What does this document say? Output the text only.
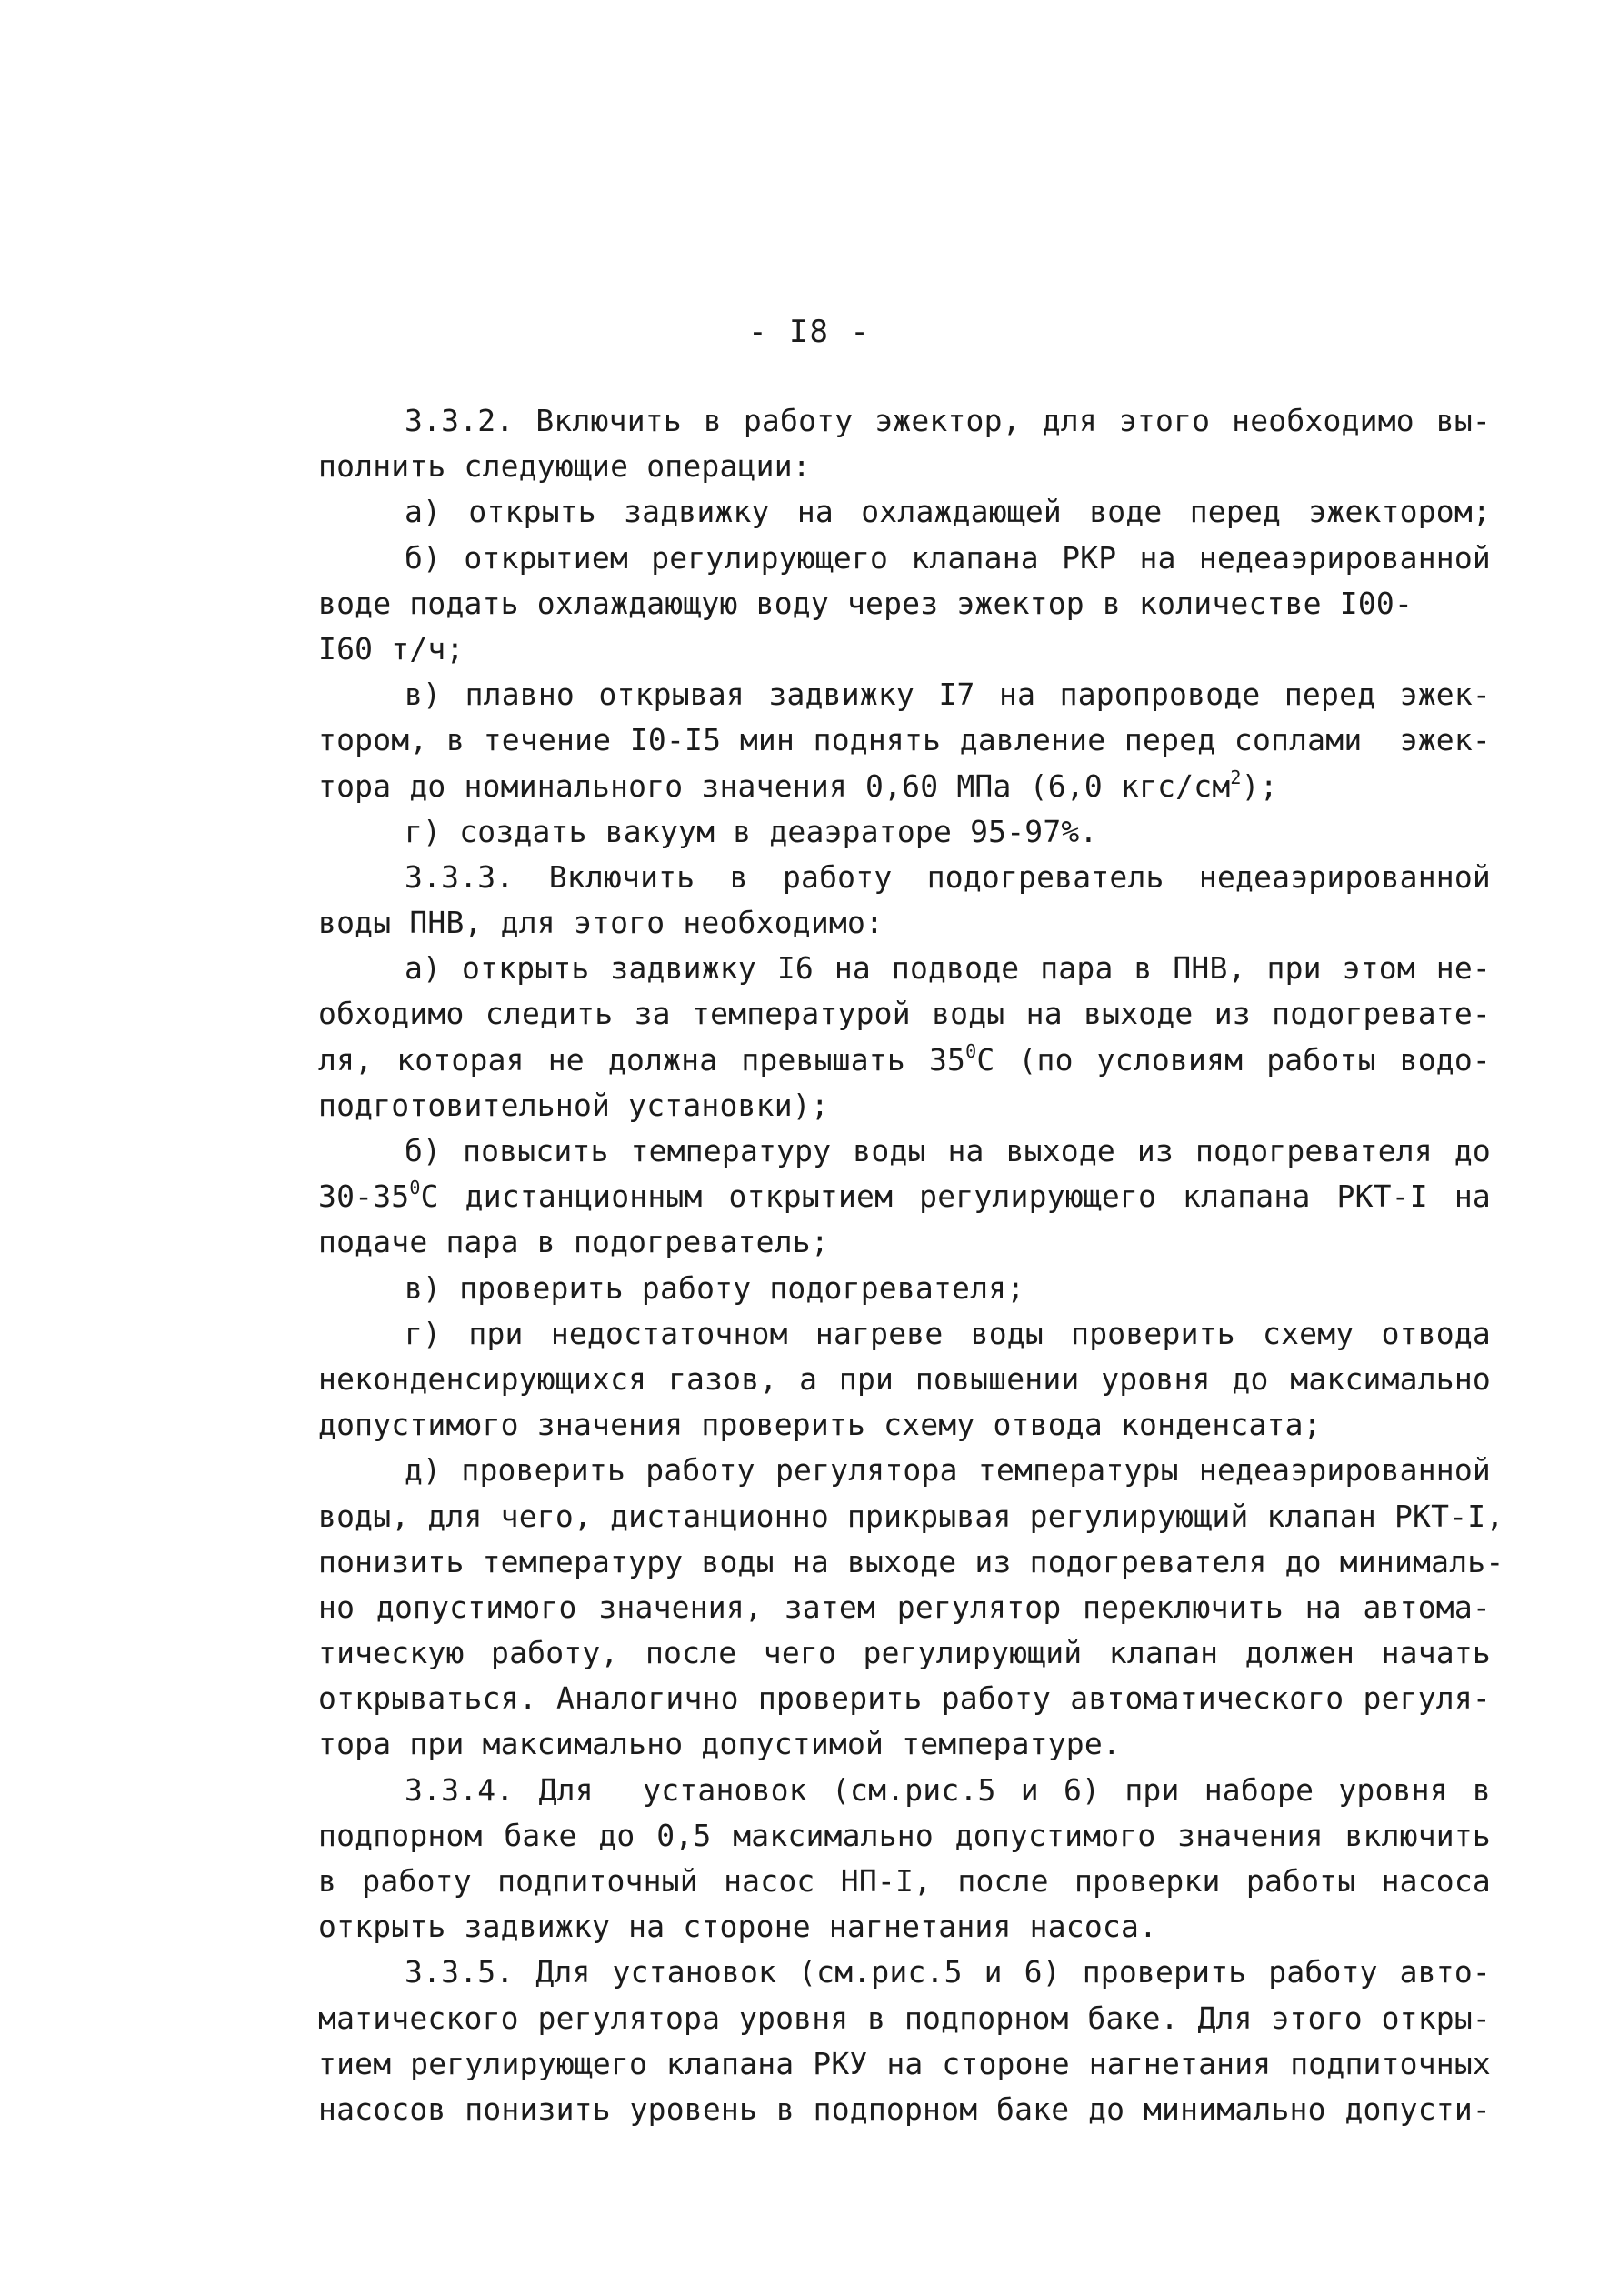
- I8 -
3.3.2. Включить в работу эжектор, для этого необходимо вы-
полнить следующие операции:
а) открыть задвижку на охлаждающей воде перед эжектором;
б) открытием регулирующего клапана РКР на недеаэрированной
воде подать охлаждающую воду через эжектор в количестве I00-
I60 т/ч;
в) плавно открывая задвижку I7 на паропроводе перед эжек-
тором, в течение I0-I5 мин поднять давление перед соплами  эжек-
тора до номинального значения 0,60 МПа (6,0 кгс/$см^2$);
г) создать вакуум в деаэраторе 95-97%.
3.3.3. Включить в работу подогреватель недеаэрированной
воды ПНВ, для этого необходимо:
а) открыть задвижку I6 на подводе пара в ПНВ, при этом не-
обходимо следить за температурой воды на выходе из подогревате-
ля, которая не должна превышать $35^0С$ (по условиям работы водо-
подготовительной установки);
б) повысить температуру воды на выходе из подогревателя до
$30-35^0С$ дистанционным открытием регулирующего клапана РКТ-I на
подаче пара в подогреватель;
в) проверить работу подогревателя;
г) при недостаточном нагреве воды проверить схему отвода
неконденсирующихся газов, а при повышении уровня до максимально
допустимого значения проверить схему отвода конденсата;
д) проверить работу регулятора температуры недеаэрированной
воды, для чего, дистанционно прикрывая регулирующий клапан РКТ-I,
понизить температуру воды на выходе из подогревателя до минималь-
но допустимого значения, затем регулятор переключить на автома-
тическую работу, после чего регулирующий клапан должен начать
открываться. Аналогично проверить работу автоматического регуля-
тора при максимально допустимой температуре.
3.3.4. Для  установок (см.рис.5 и 6) при наборе уровня в
подпорном баке до 0,5 максимально допустимого значения включить
в работу подпиточный насос НП-I, после проверки работы насоса
открыть задвижку на стороне нагнетания насоса.
3.3.5. Для установок (см.рис.5 и 6) проверить работу авто-
матического регулятора уровня в подпорном баке. Для этого откры-
тием регулирующего клапана РКУ на стороне нагнетания подпиточных
насосов понизить уровень в подпорном баке до минимально допусти-
